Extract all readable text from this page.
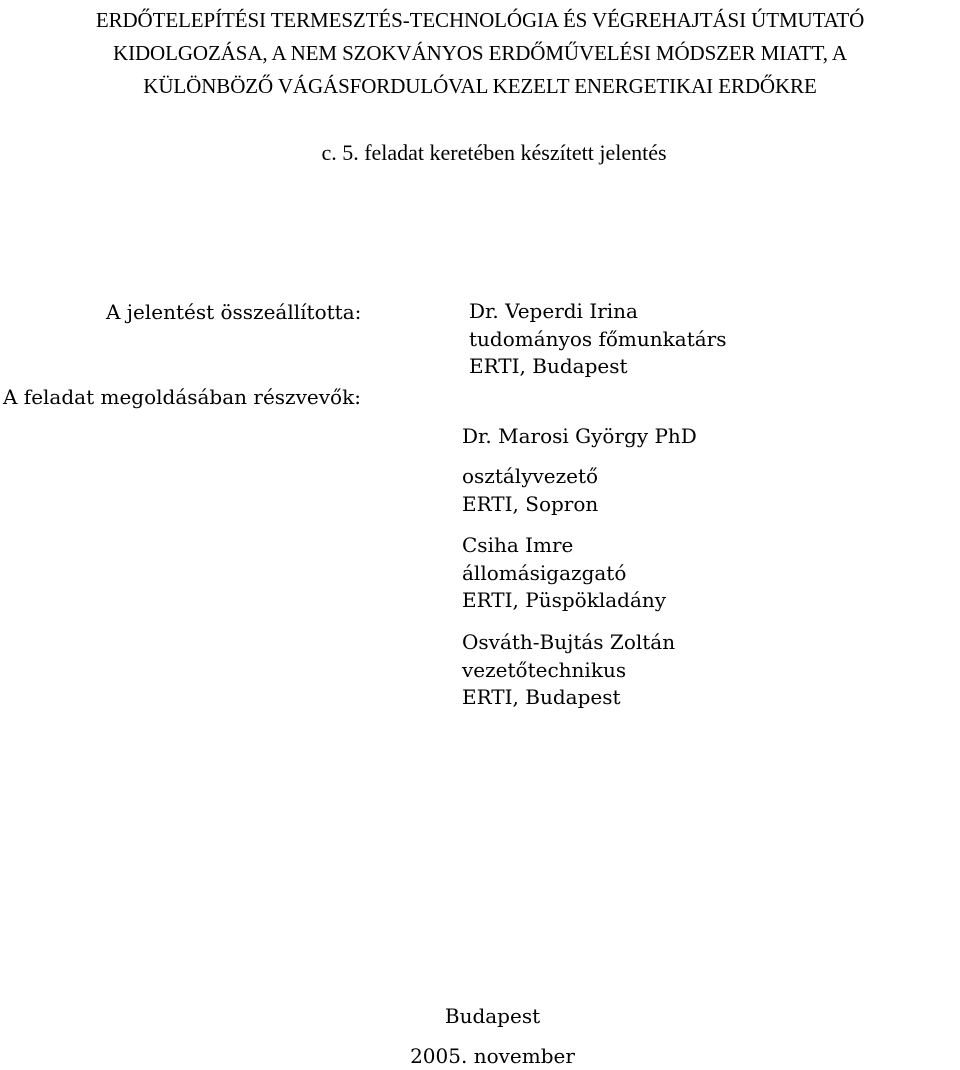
ERDŐTELEPÍTÉSI TERMESZTÉS-TECHNOLÓGIA ÉS VÉGREHAJTÁSI ÚTMUTATÓ
KIDOLGOZÁSA, A NEM SZOKVÁNYOS ERDŐMŰVELÉSI MÓDSZER MIATT, A
KÜLÖNBÖZŐ VÁGÁSFORDULÓVAL KEZELT ENERGETIKAI ERDŐKRE
c. 5. feladat keretében készített jelentés
A jelentést összeállította:
A feladat megoldásában részvevők:
Dr. Veperdi Irina
tudományos főmunkatárs
ERTI, Budapest
Dr. Marosi György PhD
osztályvezető
ERTI, Sopron
Csiha Imre
állomásigazgató
ERTI, Püspökladány
Osváth-Bujtás Zoltán
vezetőtechnikus
ERTI, Budapest
Budapest
2005. november
